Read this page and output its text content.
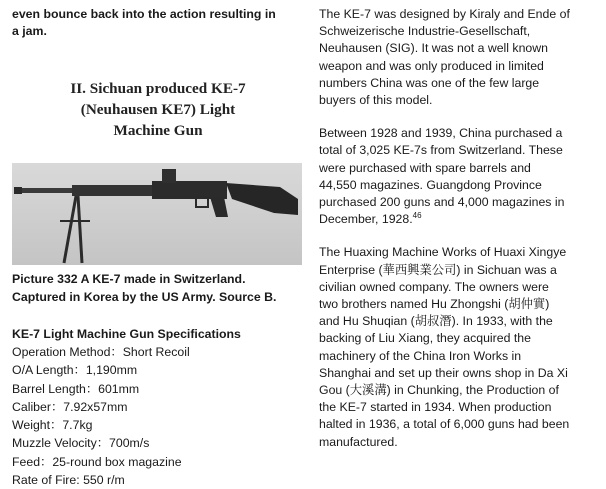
even bounce back into the action resulting in
a jam.

II. Sichuan produced KE-7
(Neuhausen KE7) Light
Machine Gun

Picture 332 A KE-7 made in Switzerland.
Captured in Korea by the US Army. Source B.

KE-7 Light Machine Gun Specifications

Operation Method：Short Recoil
O/A Length：1,190mm
Barrel Length：601mm
Caliber：7.92x57mm
Weight：7.7kg
Muzzle Velocity：700m/s
Feed：25-round box magazine
Rate of Fire: 550 r/m

The KE-7 was designed by Kiraly and Ende of
Schweizerische Industrie-Gesellschaft,
Neuhausen (SIG). It was not a well known
weapon and was only produced in limited
numbers China was one of the few large
buyers of this model.

Between 1928 and 1939, China purchased a
total of 3,025 KE-7s from Switzerland. These
were purchased with spare barrels and
44,550 magazines. Guangdong Province
purchased 200 guns and 4,000 magazines in
December, 1928.46

The Huaxing Machine Works of Huaxi Xingye
Enterprise (華西興業公司) in Sichuan was a
civilian owned company. The owners were
two brothers named Hu Zhongshi (胡仲實)
and Hu Shuqian (胡叔潛). In 1933, with the
backing of Liu Xiang, they acquired the
machinery of the China Iron Works in
Shanghai and set up their owns shop in Da Xi
Gou (大溪溝) in Chunking, the Production of
the KE-7 started in 1934. When production
halted in 1936, a total of 6,000 guns had been
manufactured.
